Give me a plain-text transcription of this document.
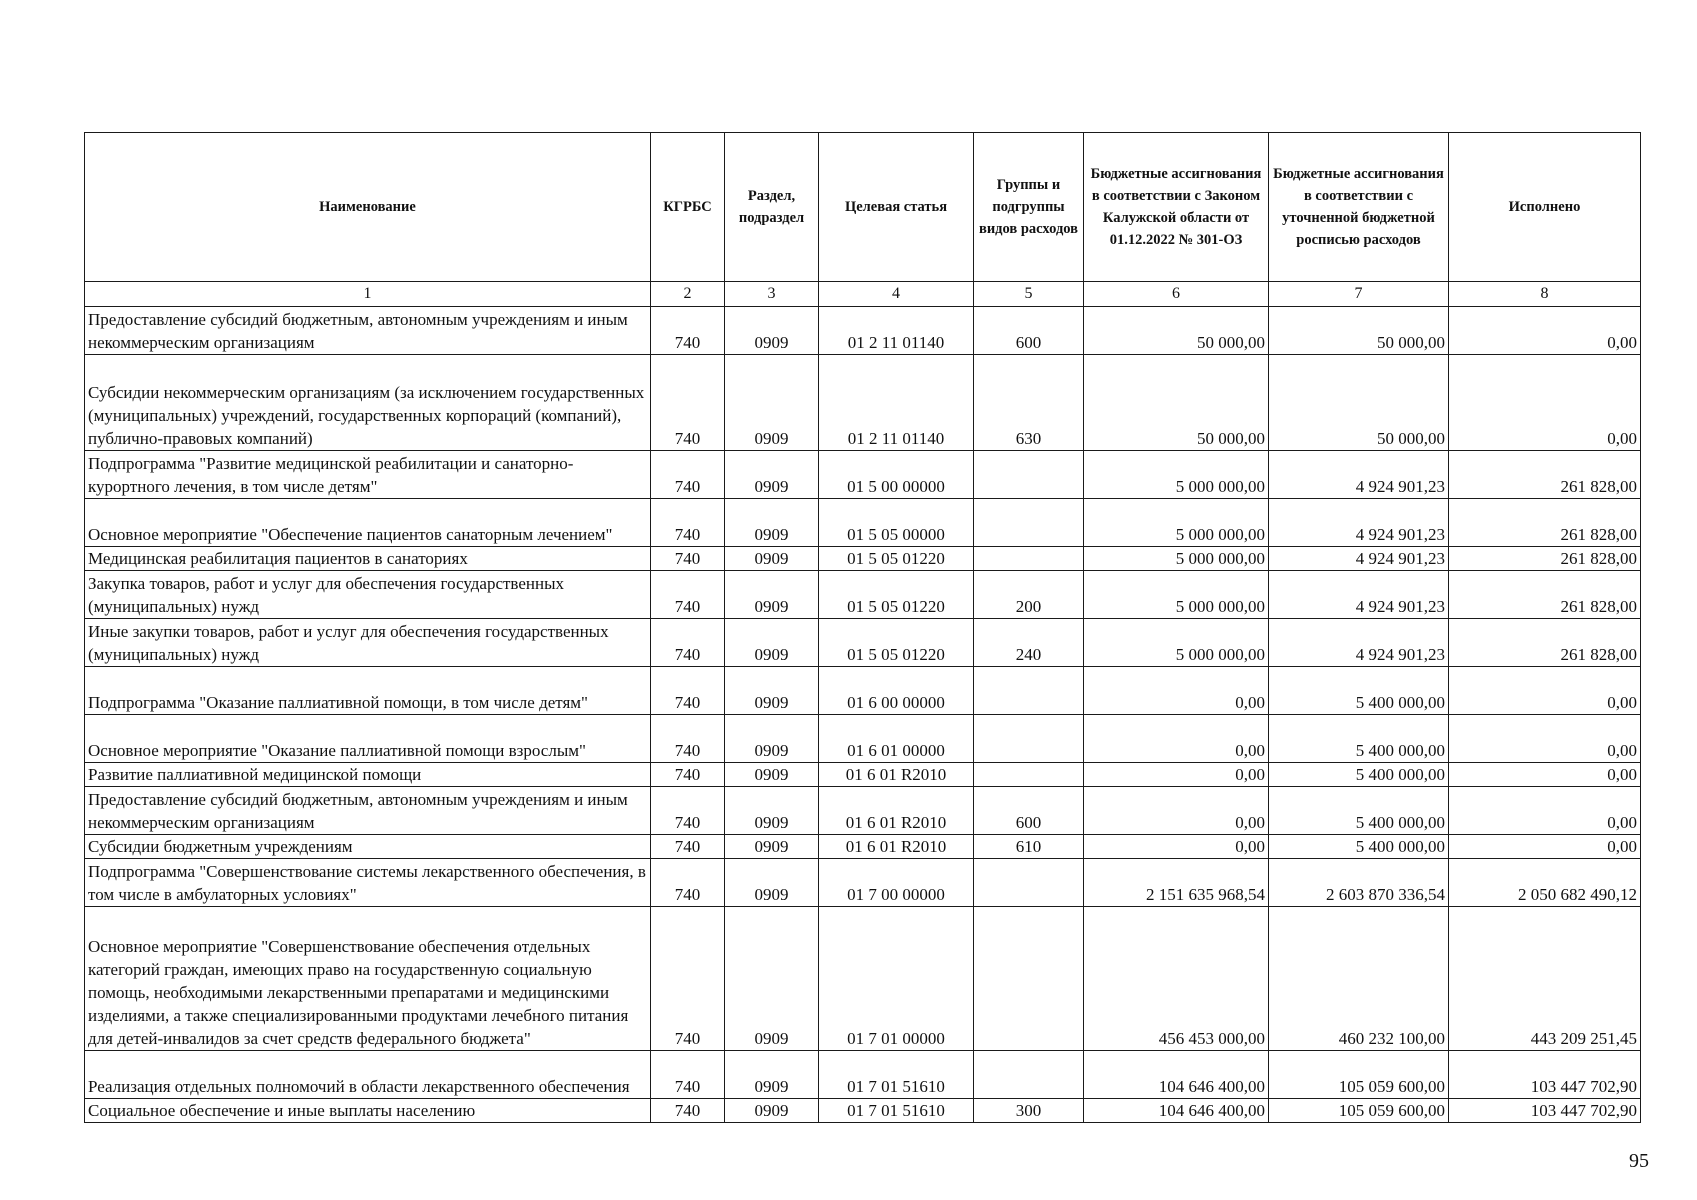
Наименование	КГРБС	Раздел, подраздел	Целевая статья	Группы и подгруппы видов расходов	Бюджетные ассигнования в соответствии с Законом Калужской области от 01.12.2022 № 301-ОЗ	Бюджетные ассигнования в соответствии с уточненной бюджетной росписью расходов	Исполнено
1	2	3	4	5	6	7	8
Предоставление субсидий бюджетным, автономным учреждениям и иным некоммерческим организациям	740	0909	01 2 11 01140	600	50 000,00	50 000,00	0,00
Субсидии некоммерческим организациям (за исключением государственных (муниципальных) учреждений, государственных корпораций (компаний), публично-правовых компаний)	740	0909	01 2 11 01140	630	50 000,00	50 000,00	0,00
Подпрограмма "Развитие медицинской реабилитации и санаторно-курортного лечения, в том числе детям"	740	0909	01 5 00 00000		5 000 000,00	4 924 901,23	261 828,00
Основное мероприятие "Обеспечение пациентов санаторным лечением"	740	0909	01 5 05 00000		5 000 000,00	4 924 901,23	261 828,00
Медицинская реабилитация пациентов в санаториях	740	0909	01 5 05 01220		5 000 000,00	4 924 901,23	261 828,00
Закупка товаров, работ и услуг для обеспечения государственных (муниципальных) нужд	740	0909	01 5 05 01220	200	5 000 000,00	4 924 901,23	261 828,00
Иные закупки товаров, работ и услуг для обеспечения государственных (муниципальных) нужд	740	0909	01 5 05 01220	240	5 000 000,00	4 924 901,23	261 828,00
Подпрограмма "Оказание паллиативной помощи, в том числе детям"	740	0909	01 6 00 00000		0,00	5 400 000,00	0,00
Основное мероприятие "Оказание паллиативной помощи взрослым"	740	0909	01 6 01 00000		0,00	5 400 000,00	0,00
Развитие паллиативной медицинской помощи	740	0909	01 6 01 R2010		0,00	5 400 000,00	0,00
Предоставление субсидий бюджетным, автономным учреждениям и иным некоммерческим организациям	740	0909	01 6 01 R2010	600	0,00	5 400 000,00	0,00
Субсидии бюджетным учреждениям	740	0909	01 6 01 R2010	610	0,00	5 400 000,00	0,00
Подпрограмма "Совершенствование системы лекарственного обеспечения, в том числе в амбулаторных условиях"	740	0909	01 7 00 00000		2 151 635 968,54	2 603 870 336,54	2 050 682 490,12
Основное мероприятие "Совершенствование обеспечения отдельных категорий граждан, имеющих право на государственную социальную помощь, необходимыми лекарственными препаратами и медицинскими изделиями, а также специализированными продуктами лечебного питания для детей-инвалидов за счет средств федерального бюджета"	740	0909	01 7 01 00000		456 453 000,00	460 232 100,00	443 209 251,45
Реализация отдельных полномочий в области лекарственного обеспечения	740	0909	01 7 01 51610		104 646 400,00	105 059 600,00	103 447 702,90
Социальное обеспечение и иные выплаты населению	740	0909	01 7 01 51610	300	104 646 400,00	105 059 600,00	103 447 702,90
95
